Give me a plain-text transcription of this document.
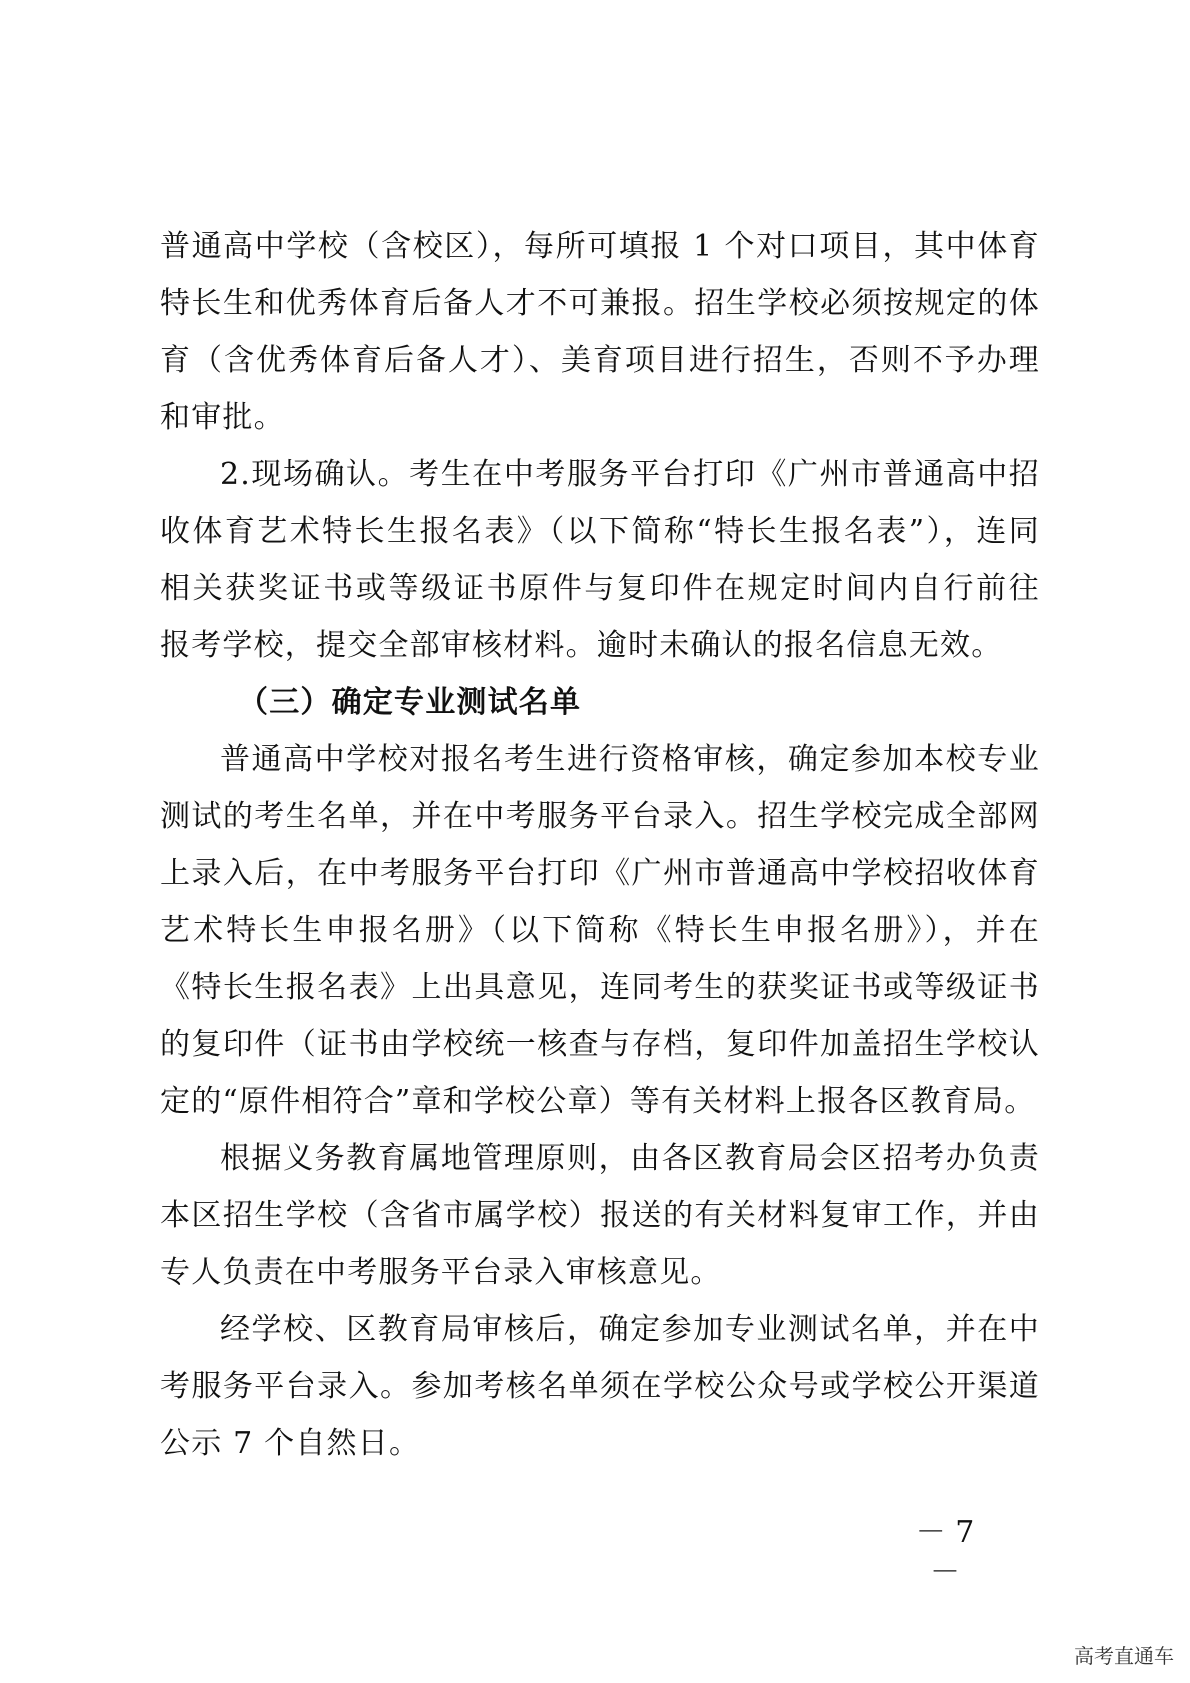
普通高中学校（含校区），每所可填报 1 个对口项目，其中体育
特长生和优秀体育后备人才不可兼报。招生学校必须按规定的体
育（含优秀体育后备人才）、美育项目进行招生，否则不予办理
和审批。
2.现场确认。考生在中考服务平台打印《广州市普通高中招
收体育艺术特长生报名表》（以下简称“特长生报名表”），连同
相关获奖证书或等级证书原件与复印件在规定时间内自行前往
报考学校，提交全部审核材料。逾时未确认的报名信息无效。
（三）确定专业测试名单
普通高中学校对报名考生进行资格审核，确定参加本校专业
测试的考生名单，并在中考服务平台录入。招生学校完成全部网
上录入后，在中考服务平台打印《广州市普通高中学校招收体育
艺术特长生申报名册》（以下简称《特长生申报名册》），并在
《特长生报名表》上出具意见，连同考生的获奖证书或等级证书
的复印件（证书由学校统一核查与存档，复印件加盖招生学校认
定的“原件相符合”章和学校公章）等有关材料上报各区教育局。
根据义务教育属地管理原则，由各区教育局会区招考办负责
本区招生学校（含省市属学校）报送的有关材料复审工作，并由
专人负责在中考服务平台录入审核意见。
经学校、区教育局审核后，确定参加专业测试名单，并在中
考服务平台录入。参加考核名单须在学校公众号或学校公开渠道
公示 7 个自然日。
－ 7 －
高考直通车
